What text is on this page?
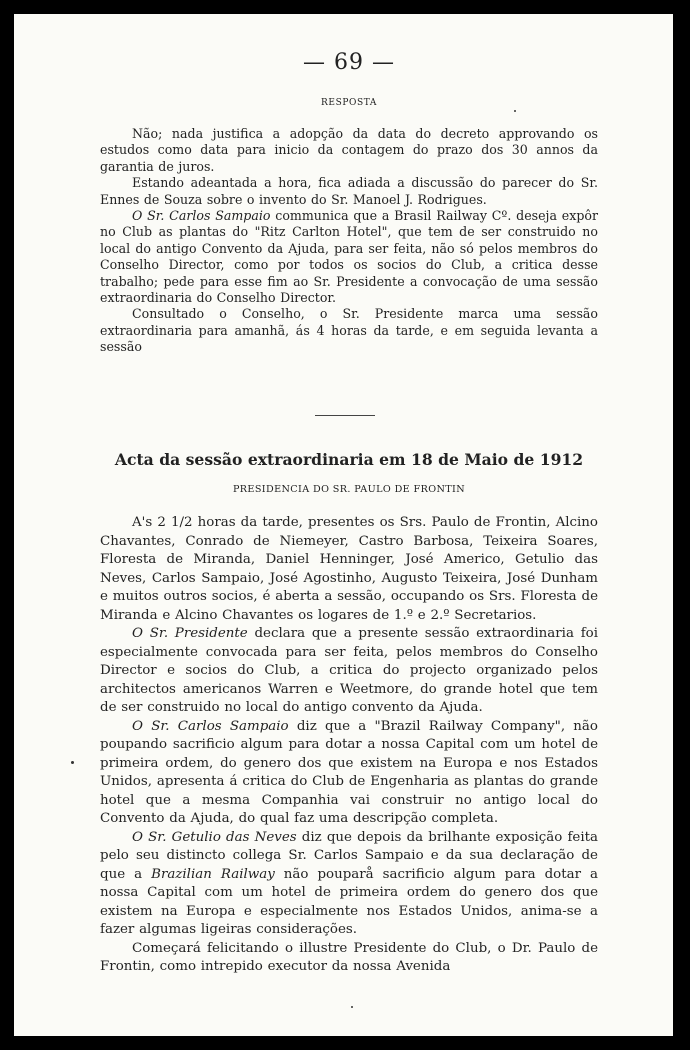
— 69 —
RESPOSTA

Não; nada justifica a adopção da data do decreto approvando os estudos como data para inicio da contagem do prazo dos 30 annos da garantia de juros.

Estando adeantada a hora, fica adiada a discussão do parecer do Sr. Ennes de Souza sobre o invento do Sr. Manoel J. Rodrigues.

O Sr. Carlos Sampaio communica que a Brasil Railway Cº. deseja expôr no Club as plantas do "Ritz Carlton Hotel", que tem de ser construido no local do antigo Convento da Ajuda, para ser feita, não só pelos membros do Conselho Director, como por todos os socios do Club, a critica desse trabalho; pede para esse fim ao Sr. Presidente a convocação de uma sessão extraordinaria do Conselho Director.

Consultado o Conselho, o Sr. Presidente marca uma sessão extraordinaria para amanhã, ás 4 horas da tarde, e em seguida levanta a sessão

Acta da sessão extraordinaria em 18 de Maio de 1912
PRESIDENCIA DO SR. PAULO DE FRONTIN

A's 2 1/2 horas da tarde, presentes os Srs. Paulo de Frontin, Alcino Chavantes, Conrado de Niemeyer, Castro Barbosa, Teixeira Soares, Floresta de Miranda, Daniel Henninger, José Americo, Getulio das Neves, Carlos Sampaio, José Agostinho, Augusto Teixeira, José Dunham e muitos outros socios, é aberta a sessão, occupando os Srs. Floresta de Miranda e Alcino Chavantes os logares de 1.º e 2.º Secretarios.

O Sr. Presidente declara que a presente sessão extraordinaria foi especialmente convocada para ser feita, pelos membros do Conselho Director e socios do Club, a critica do projecto organizado pelos architectos americanos Warren e Weetmore, do grande hotel que tem de ser construido no local do antigo convento da Ajuda.

O Sr. Carlos Sampaio diz que a "Brazil Railway Company", não poupando sacrificio algum para dotar a nossa Capital com um hotel de primeira ordem, do genero dos que existem na Europa e nos Estados Unidos, apresenta á critica do Club de Engenharia as plantas do grande hotel que a mesma Companhia vai construir no antigo local do Convento da Ajuda, do qual faz uma descripção completa.

O Sr. Getulio das Neves diz que depois da brilhante exposição feita pelo seu distincto collega Sr. Carlos Sampaio e da sua declaração de que a Brazilian Railway não pouparå sacrificio algum para dotar a nossa Capital com um hotel de primeira ordem do genero dos que existem na Europa e especialmente nos Estados Unidos, anima-se a fazer algumas ligeiras considerações.

Começará felicitando o illustre Presidente do Club, o Dr. Paulo de Frontin, como intrepido executor da nossa Avenida
